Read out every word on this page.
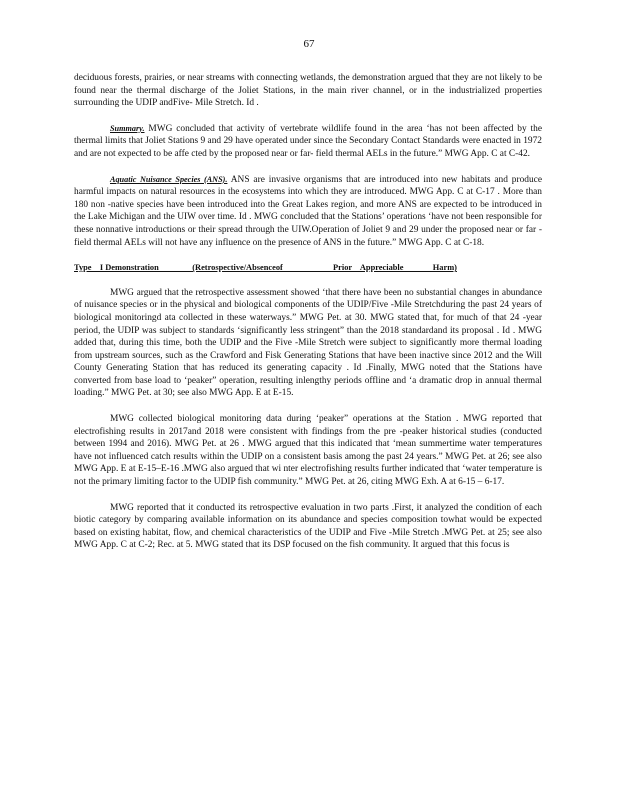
67

deciduous forests, prairies, or near streams with connecting wetlands, the demonstration argued that they are not likely to be found near the thermal discharge of the Joliet Stations, in the main river channel, or in the industrialized properties surrounding the UDIP andFive- Mile Stretch. Id .

Summary. MWG concluded that activity of vertebrate wildlife found in the area ‘has not been affected by the thermal limits that Joliet Stations 9 and 29 have operated under since the Secondary Contact Standards were enacted in 1972 and are not expected to be affe cted by the proposed near or far- field thermal AELs in the future.” MWG App. C at C-42.

Aquatic Nuisance Species (ANS). ANS are invasive organisms that are introduced into new habitats and produce harmful impacts on natural resources in the ecosystems into which they are introduced. MWG App. C at C-17 . More than 180 non -native species have been introduced into the Great Lakes region, and more ANS are expected to be introduced in the Lake Michigan and the UIW over time. Id . MWG concluded that the Stations’ operations ‘have not been responsible for these nonnative introductions or their spread through the UIW.Operation of Joliet 9 and 29 under the proposed near or far -field thermal AELs will not have any influence on the presence of ANS in the future.” MWG App. C at C-18.

Type    I Demonstration                (Retrospective/Absenceof                        Prior    Appreciable              Harm)

MWG argued that the retrospective assessment showed ‘that there have been no substantial changes in abundance of nuisance species or in the physical and biological components of the UDIP/Five -Mile Stretchduring the past 24 years of biological monitoringd ata collected in these waterways.” MWG Pet. at 30. MWG stated that, for much of that 24 -year period, the UDIP was subject to standards ‘significantly less stringent” than the 2018 standardand its proposal . Id . MWG added that, during this time, both the UDIP and the Five -Mile Stretch were subject to significantly more thermal loading from upstream sources, such as the Crawford and Fisk Generating Stations that have been inactive since 2012 and the Will County Generating Station that has reduced its generating capacity . Id .Finally, MWG noted that the Stations have converted from base load to ‘peaker” operation, resulting inlengthy periods offline and ‘a dramatic drop in annual thermal loading.” MWG Pet. at 30; see also MWG App. E at E-15.

MWG collected biological monitoring data during ‘peaker” operations at the Station . MWG reported that electrofishing results in 2017and 2018 were consistent with findings from the pre -peaker historical studies (conducted between 1994 and 2016). MWG Pet. at 26 . MWG argued that this indicated that ‘mean summertime water temperatures have not influenced catch results within the UDIP on a consistent basis among the past 24 years.” MWG Pet. at 26; see also MWG App. E at E-15–E-16 .MWG also argued that wi nter electrofishing results further indicated that ‘water temperature is not the primary limiting factor to the UDIP fish community.” MWG Pet. at 26, citing MWG Exh. A at 6-15 – 6-17.

MWG reported that it conducted its retrospective evaluation in two parts .First, it analyzed the condition of each biotic category by comparing available information on its abundance and species composition towhat would be expected based on existing habitat, flow, and chemical characteristics of the UDIP and Five -Mile Stretch .MWG Pet. at 25; see also MWG App. C at C-2; Rec. at 5. MWG stated that its DSP focused on the fish community. It argued that this focus is
